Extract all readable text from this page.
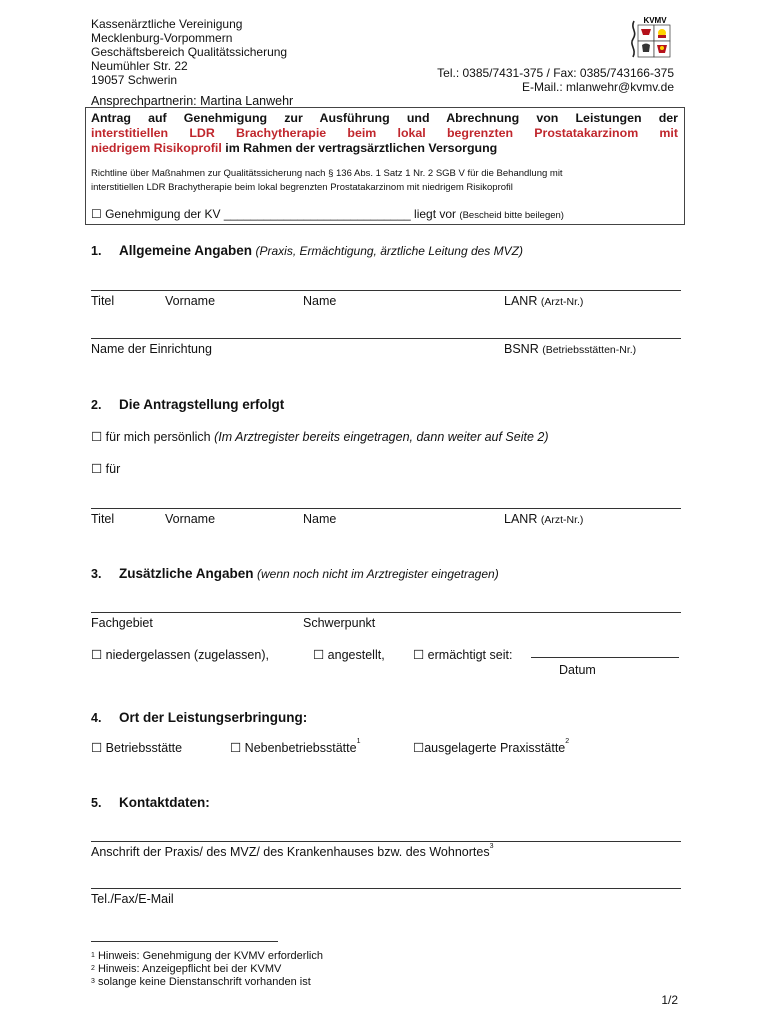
Kassenärztliche Vereinigung
Mecklenburg-Vorpommern
Geschäftsbereich Qualitätssicherung
Neumühler Str. 22
19057 Schwerin
KVMV
Tel.: 0385/7431-375 / Fax: 0385/743166-375
E-Mail.: mlanwehr@kvmv.de
Ansprechpartnerin: Martina Lanwehr
Antrag auf Genehmigung zur Ausführung und Abrechnung von Leistungen der
interstitiellen LDR Brachytherapie beim lokal begrenzten Prostatakarzinom mit
niedrigem Risikoprofil im Rahmen der vertragsärztlichen Versorgung
Richtline über Maßnahmen zur Qualitätssicherung nach § 136 Abs. 1 Satz 1 Nr. 2 SGB V für die Behandlung mit
interstitiellen LDR Brachytherapie beim lokal begrenzten Prostatakarzinom mit niedrigem Risikoprofil
☐ Genehmigung der KV ____________________________ liegt vor (Bescheid bitte beilegen)
1. Allgemeine Angaben (Praxis, Ermächtigung, ärztliche Leitung des MVZ)
Titel	Vorname	Name	LANR (Arzt-Nr.)
Name der Einrichtung	BSNR (Betriebsstätten-Nr.)
2. Die Antragstellung erfolgt
☐ für mich persönlich (Im Arztregister bereits eingetragen, dann weiter auf Seite 2)
☐ für
Titel	Vorname	Name	LANR (Arzt-Nr.)
3. Zusätzliche Angaben (wenn noch nicht im Arztregister eingetragen)
Fachgebiet	Schwerpunkt
☐ niedergelassen (zugelassen),	☐ angestellt, ☐ ermächtigt seit:
Datum
4. Ort der Leistungserbringung:
☐ Betriebsstätte	☐ Nebenbetriebsstätte$^1$	☐ausgelagerte Praxisstätte$^2$
5. Kontaktdaten:
Anschrift der Praxis/ des MVZ/ des Krankenhauses bzw. des Wohnortes$^3$
Tel./Fax/E-Mail
$^1$ Hinweis: Genehmigung der KVMV erforderlich
$^2$ Hinweis: Anzeigepflicht bei der KVMV
$^3$ solange keine Dienstanschrift vorhanden ist
1/2
